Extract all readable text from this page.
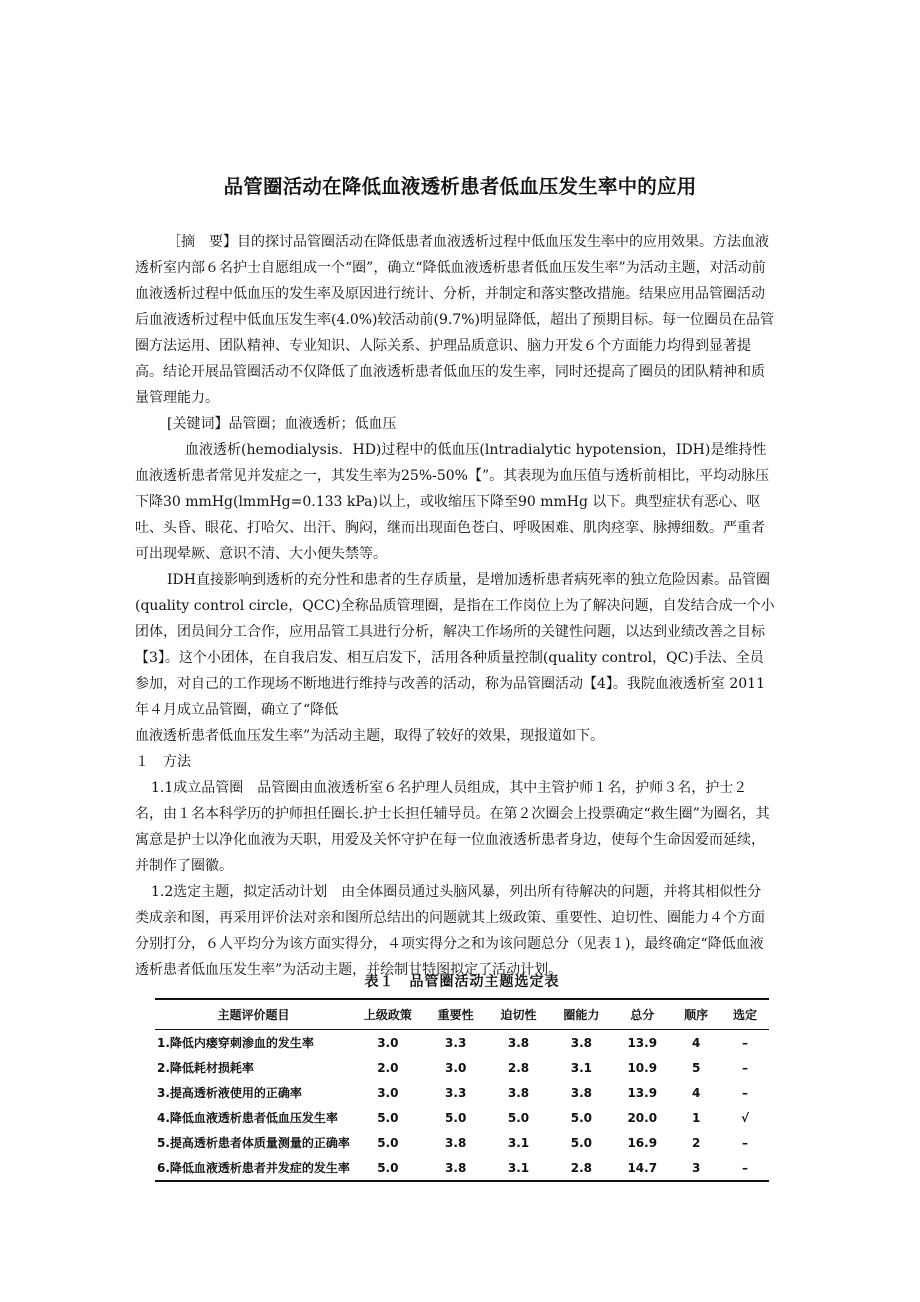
品管圈活动在降低血液透析患者低血压发生率中的应用

［摘　要】目的探讨品管圈活动在降低患者血液透析过程中低血压发生率中的应用效果。方法血液透析室内部６名护士自愿组成一个“圈”，确立“降低血液透析患者低血压发生率”为活动主题，对活动前血液透析过程中低血压的发生率及原因进行统计、分析，并制定和落实整改措施。结果应用品管圈活动后血液透析过程中低血压发生率(4.0%)较活动前(9.7%)明显降低，超出了预期目标。每一位圈员在品管圈方法运用、团队精神、专业知识、人际关系、护理品质意识、脑力开发６个方面能力均得到显著提高。结论开展品管圈活动不仅降低了血液透析患者低血压的发生率，同时还提高了圈员的团队精神和质量管理能力。

[关键词】品管圈；血液透析；低血压

血液透析(hemodialysis．HD)过程中的低血压(lntradialytic hypotension，IDH)是维持性血液透析患者常见并发症之一，其发生率为25%-50%【”。其表现为血压值与透析前相比，平均动脉压下降30 mmHg(lmmHg=0.133 kPa)以上，或收缩压下降至90 mmHg 以下。典型症状有恶心、呕吐、头昏、眼花、打哈欠、出汗、胸闷，继而出现面色苍白、呼吸困难、肌肉痉挛、脉搏细数。严重者可出现晕厥、意识不清、大小便失禁等。

IDH直接影响到透析的充分性和患者的生存质量，是增加透析患者病死率的独立危险因素。品管圈(quality control circle，QCC)全称品质管理圈，是指在工作岗位上为了解决问题，自发结合成一个小团体，团员间分工合作，应用品管工具进行分析，解决工作场所的关键性问题，以达到业绩改善之目标【3】。这个小团体，在自我启发、相互启发下，活用各种质量控制(quality control，QC)手法、全员参加，对自己的工作现场不断地进行维持与改善的活动，称为品管圈活动【4】。我院血液透析室 2011 年４月成立品管圈，确立了“降低

血液透析患者低血压发生率”为活动主题，取得了较好的效果，现报道如下。

１　方法

1.1成立品管圈　品管圈由血液透析室６名护理人员组成，其中主管护师１名，护师３名，护士２名，由１名本科学历的护师担任圈长.护士长担任辅导员。在第２次圈会上投票确定“救生圈”为圈名，其寓意是护士以净化血液为天职，用爱及关怀守护在每一位血液透析患者身边，使每个生命因爱而延续，并制作了圈徽。

1.2选定主题，拟定活动计划　由全体圈员通过头脑风暴，列出所有待解决的问题，并将其相似性分类成亲和图，再采用评价法对亲和图所总结出的问题就其上级政策、重要性、迫切性、圈能力４个方面分别打分，６人平均分为该方面实得分，４项实得分之和为该问题总分（见表１)，最终确定“降低血液透析患者低血压发生率”为活动主题，并绘制甘特图拟定了活动计划。

表１　品管圈活动主题选定表
主题评价题目	上级政策	重要性	迫切性	圈能力	总分	顺序	选定
1.降低内瘘穿刺渗血的发生率	3.0	3.3	3.8	3.8	13.9	4	–
2.降低耗材损耗率	2.0	3.0	2.8	3.1	10.9	5	–
3.提高透析液使用的正确率	3.0	3.3	3.8	3.8	13.9	4	–
4.降低血液透析患者低血压发生率	5.0	5.0	5.0	5.0	20.0	1	√
5.提高透析患者体质量测量的正确率	5.0	3.8	3.1	5.0	16.9	2	–
6.降低血液透析患者并发症的发生率	5.0	3.8	3.1	2.8	14.7	3	–
